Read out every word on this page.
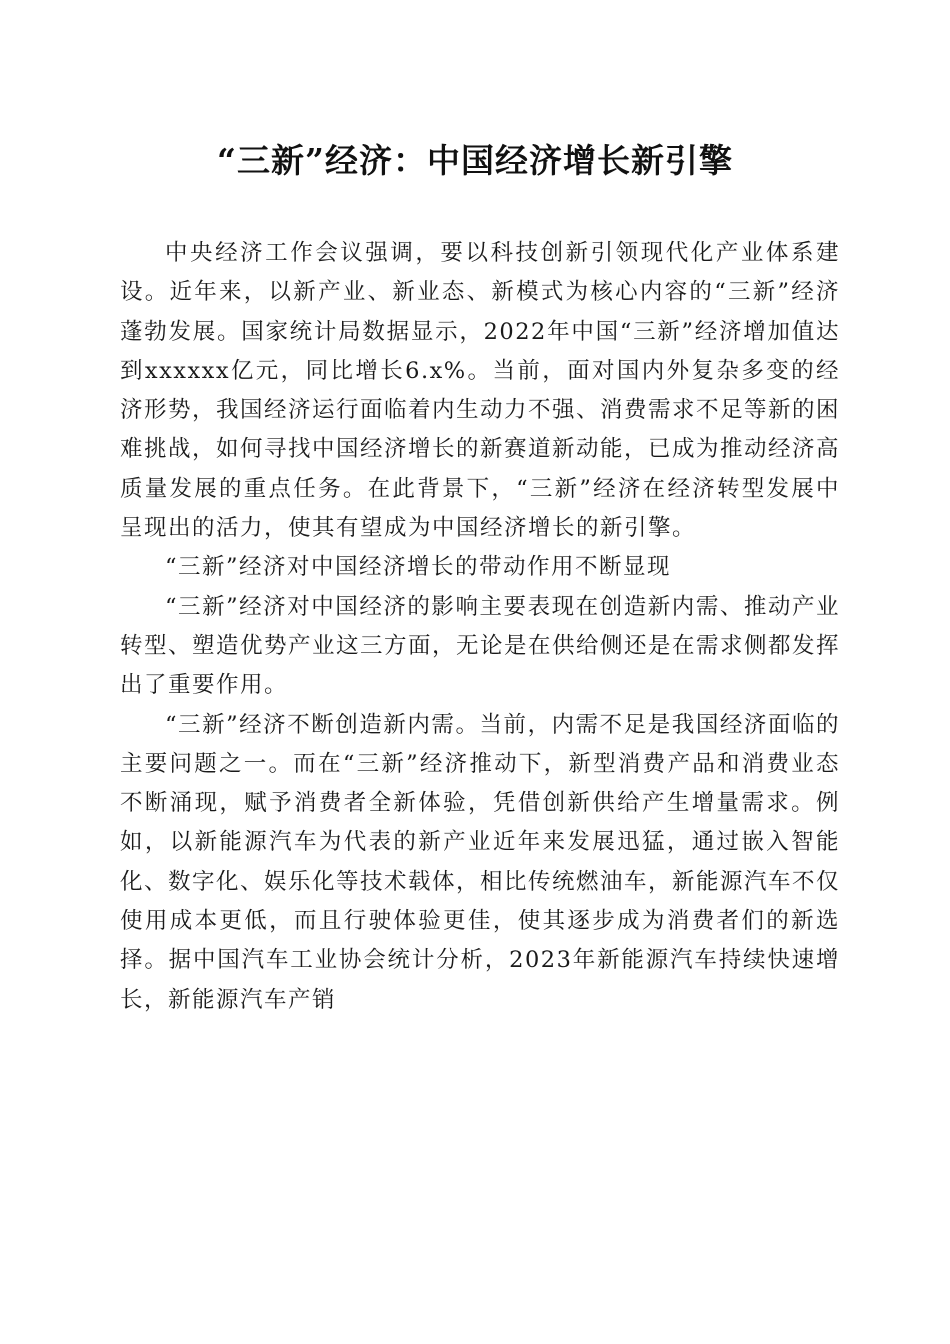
“三新”经济：中国经济增长新引擎

中央经济工作会议强调，要以科技创新引领现代化产业体系建设。近年来，以新产业、新业态、新模式为核心内容的“三新”经济蓬勃发展。国家统计局数据显示，2022年中国“三新”经济增加值达到xxxxxx亿元，同比增长6.x%。当前，面对国内外复杂多变的经济形势，我国经济运行面临着内生动力不强、消费需求不足等新的困难挑战，如何寻找中国经济增长的新赛道新动能，已成为推动经济高质量发展的重点任务。在此背景下，“三新”经济在经济转型发展中呈现出的活力，使其有望成为中国经济增长的新引擎。

“三新”经济对中国经济增长的带动作用不断显现

“三新”经济对中国经济的影响主要表现在创造新内需、推动产业转型、塑造优势产业这三方面，无论是在供给侧还是在需求侧都发挥出了重要作用。

“三新”经济不断创造新内需。当前，内需不足是我国经济面临的主要问题之一。而在“三新”经济推动下，新型消费产品和消费业态不断涌现，赋予消费者全新体验，凭借创新供给产生增量需求。例如，以新能源汽车为代表的新产业近年来发展迅猛，通过嵌入智能化、数字化、娱乐化等技术载体，相比传统燃油车，新能源汽车不仅使用成本更低，而且行驶体验更佳，使其逐步成为消费者们的新选择。据中国汽车工业协会统计分析，2023年新能源汽车持续快速增长，新能源汽车产销
